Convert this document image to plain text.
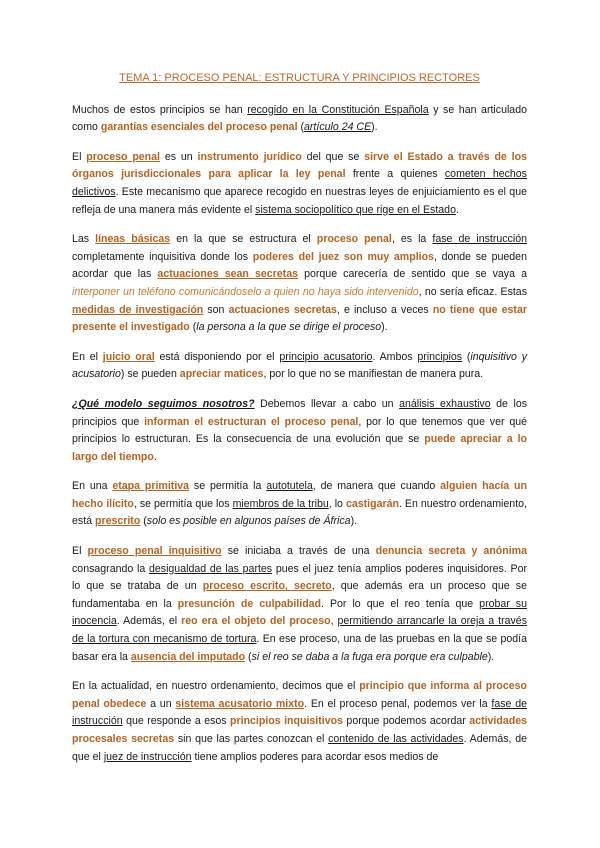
TEMA 1: PROCESO PENAL: ESTRUCTURA Y PRINCIPIOS RECTORES

Muchos de estos principios se han recogido en la Constitución Española y se han articulado como garantías esenciales del proceso penal (artículo 24 CE).

El proceso penal es un instrumento jurídico del que se sirve el Estado a través de los órganos jurisdiccionales para aplicar la ley penal frente a quienes cometen hechos delictivos. Este mecanismo que aparece recogido en nuestras leyes de enjuiciamiento es el que refleja de una manera más evidente el sistema sociopolítico que rige en el Estado.

Las líneas básicas en la que se estructura el proceso penal, es la fase de instrucción completamente inquisitiva donde los poderes del juez son muy amplios, donde se pueden acordar que las actuaciones sean secretas porque carecería de sentido que se vaya a interponer un teléfono comunicándoselo a quien no haya sido intervenido, no sería eficaz. Estas medidas de investigación son actuaciones secretas, e incluso a veces no tiene que estar presente el investigado (la persona a la que se dirige el proceso).

En el juicio oral está disponiendo por el principio acusatorio. Ambos principios (inquisitivo y acusatorio) se pueden apreciar matices, por lo que no se manifiestan de manera pura.

¿Qué modelo seguimos nosotros? Debemos llevar a cabo un análisis exhaustivo de los principios que informan el estructuran el proceso penal, por lo que tenemos que ver qué principios lo estructuran. Es la consecuencia de una evolución que se puede apreciar a lo largo del tiempo.

En una etapa primitiva se permitía la autotutela, de manera que cuando alguien hacía un hecho ilícito, se permitía que los miembros de la tribu, lo castigarán. En nuestro ordenamiento, está prescrito (solo es posible en algunos países de África).

El proceso penal inquisitivo se iniciaba a través de una denuncia secreta y anónima consagrando la desigualdad de las partes pues el juez tenía amplios poderes inquisidores. Por lo que se trataba de un proceso escrito, secreto, que además era un proceso que se fundamentaba en la presunción de culpabilidad. Por lo que el reo tenía que probar su inocencia. Además, el reo era el objeto del proceso, permitiendo arrancarle la oreja a través de la tortura con mecanismo de tortura. En ese proceso, una de las pruebas en la que se podía basar era la ausencia del imputado (si el reo se daba a la fuga era porque era culpable).

En la actualidad, en nuestro ordenamiento, decimos que el principio que informa al proceso penal obedece a un sistema acusatorio mixto. En el proceso penal, podemos ver la fase de instrucción que responde a esos principios inquisitivos porque podemos acordar actividades procesales secretas sin que las partes conozcan el contenido de las actividades. Además, de que el juez de instrucción tiene amplios poderes para acordar esos medios de
